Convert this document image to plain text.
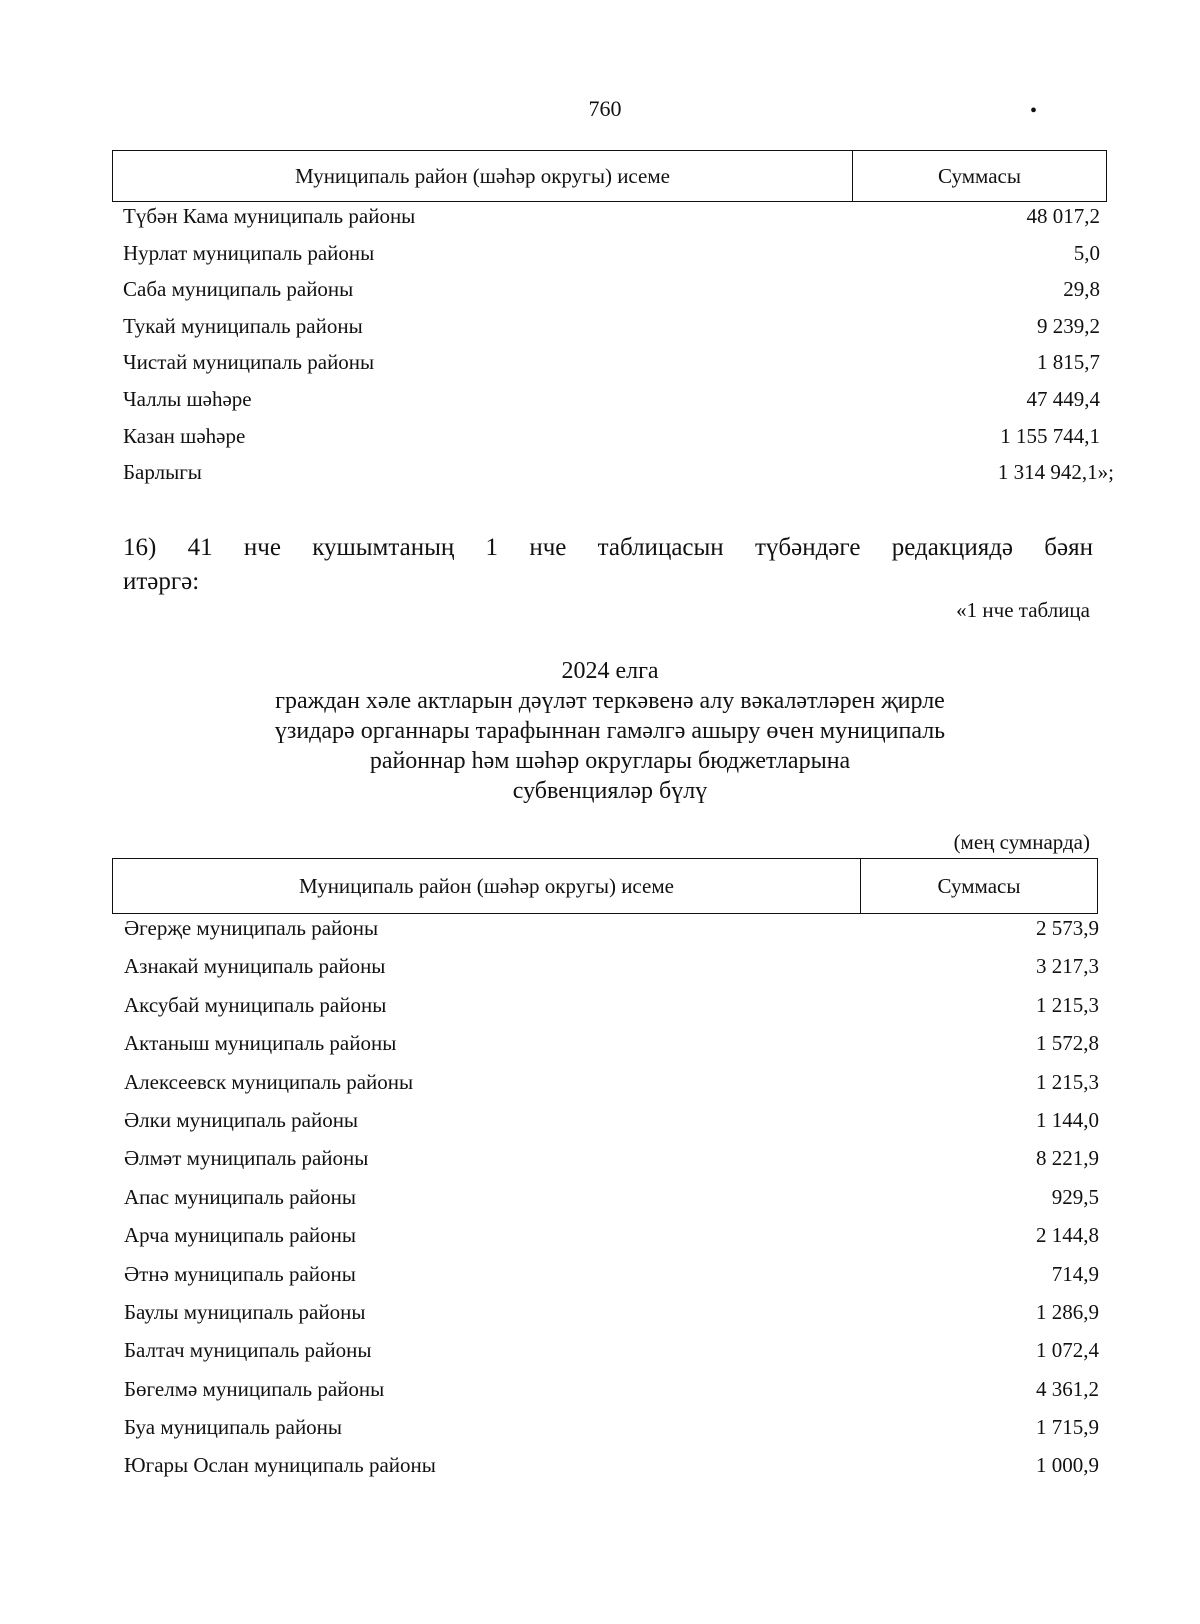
760	•
Муниципаль район (шәһәр округы) исеме	Суммасы
Түбән Кама муниципаль районы	48 017,2
Нурлат муниципаль районы	5,0
Саба муниципаль районы	29,8
Тукай муниципаль районы	9 239,2
Чистай муниципаль районы	1 815,7
Чаллы шәһәре	47 449,4
Казан шәһәре	1 155 744,1
Барлыгы	1 314 942,1»;
16) 41 нче кушымтаның 1 нче таблицасын түбәндәге редакциядә бәян
итәргә:
«1 нче таблица
2024 елга
граждан хәле актларын дәүләт теркәвенә алу вәкаләтләрен җирле
үзидарә органнары тарафыннан гамәлгә ашыру өчен муниципаль
районнар һәм шәһәр округлары бюджетларына
субвенцияләр бүлү
(мең сумнарда)
Муниципаль район (шәһәр округы) исеме	Суммасы
Әгерҗе муниципаль районы	2 573,9
Азнакай муниципаль районы	3 217,3
Аксубай муниципаль районы	1 215,3
Актаныш муниципаль районы	1 572,8
Алексеевск муниципаль районы	1 215,3
Әлки муниципаль районы	1 144,0
Әлмәт муниципаль районы	8 221,9
Апас муниципаль районы	929,5
Арча муниципаль районы	2 144,8
Әтнә муниципаль районы	714,9
Баулы муниципаль районы	1 286,9
Балтач муниципаль районы	1 072,4
Бөгелмә муниципаль районы	4 361,2
Буа муниципаль районы	1 715,9
Югары Ослан муниципаль районы	1 000,9
